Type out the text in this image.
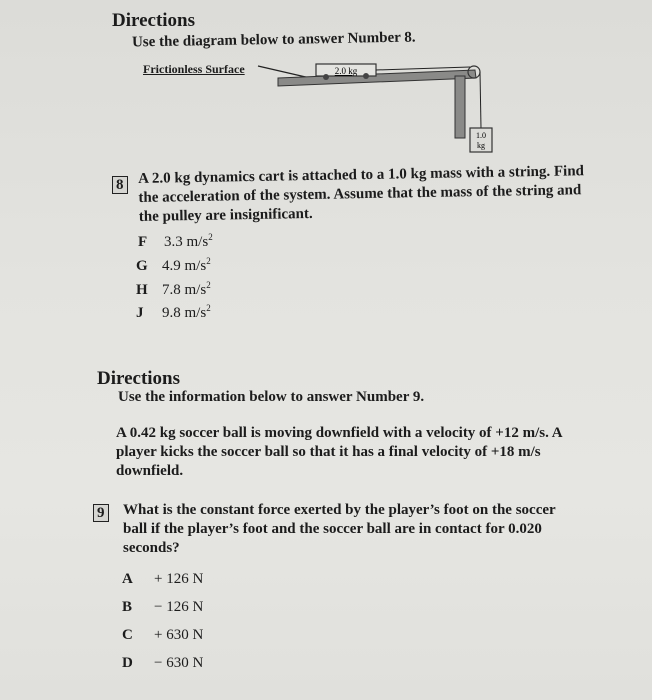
Directions
Use the diagram below to answer Number 8.
Frictionless Surface	2.0 kg
1.0
kg
8 A 2.0 kg dynamics cart is attached to a 1.0 kg mass with a string. Find
the acceleration of the system. Assume that the mass of the string and
the pulley are insignificant.
F 3.3 $m/s^2$
G 4.9 $m/s^2$
H 7.8 $m/s^2$
J 9.8 $m/s^2$
Directions
Use the information below to answer Number 9.
A 0.42 kg soccer ball is moving downfield with a velocity of +12 m/s. A
player kicks the soccer ball so that it has a final velocity of +18 m/s
downfield.
9 What is the constant force exerted by the player’s foot on the soccer
ball if the player’s foot and the soccer ball are in contact for 0.020
seconds?
A + 126 N
B − 126 N
C + 630 N
D − 630 N
